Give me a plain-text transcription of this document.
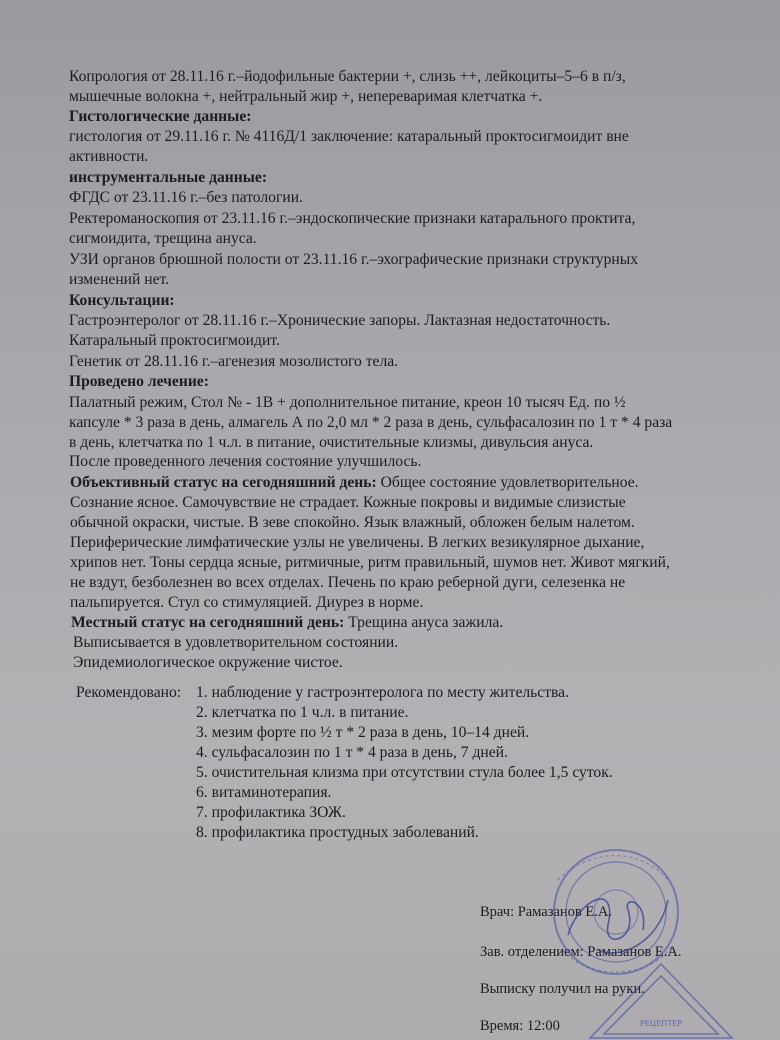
Копрология от 28.11.16 г.–йодофильные бактерии +, слизь ++, лейкоциты–5–6 в п/з,
мышечные волокна +, нейтральный жир +, непереваримая клетчатка +.
Гистологические данные:
гистология от 29.11.16 г. № 4116Д/1 заключение: катаральный проктосигмоидит вне
активности.
инструментальные данные:
ФГДС от 23.11.16 г.–без патологии.
Ректероманоскопия от 23.11.16 г.–эндоскопические признаки катарального проктита,
сигмоидита, трещина ануса.
УЗИ органов брюшной полости от 23.11.16 г.–эхографические признаки структурных
изменений нет.
Консультации:
Гастроэнтеролог от 28.11.16 г.–Хронические запоры. Лактазная недостаточность.
Катаральный проктосигмоидит.
Генетик от 28.11.16 г.–агенезия мозолистого тела.
Проведено лечение:
Палатный режим, Стол № - 1В + дополнительное питание, креон 10 тысяч Ед. по ½
капсуле * 3 раза в день, алмагель А по 2,0 мл * 2 раза в день, сульфасалозин по 1 т * 4 раза
в день, клетчатка по 1 ч.л. в питание, очистительные клизмы, дивульсия ануса.
После проведенного лечения состояние улучшилось.
Объективный статус на сегодняшний день: Общее состояние удовлетворительное.
Сознание ясное. Самочувствие не страдает. Кожные покровы и видимые слизистые
обычной окраски, чистые. В зеве спокойно. Язык влажный, обложен белым налетом.
Периферические лимфатические узлы не увеличены. В легких везикулярное дыхание,
хрипов нет. Тоны сердца ясные, ритмичные, ритм правильный, шумов нет. Живот мягкий,
не вздут, безболезнен во всех отделах. Печень по краю реберной дуги, селезенка не
пальпируется. Стул со стимуляцией. Диурез в норме.
Местный статус на сегодняшний день: Трещина ануса зажила.
Выписывается в удовлетворительном состоянии.
Эпидемиологическое окружение чистое.
Рекомендовано: 1. наблюдение у гастроэнтеролога по месту жительства.
2. клетчатка по 1 ч.л. в питание.
3. мезим форте по ½ т * 2 раза в день, 10–14 дней.
4. сульфасалозин по 1 т * 4 раза в день, 7 дней.
5. очистительная клизма при отсутствии стула более 1,5 суток.
6. витаминотерапия.
7. профилактика ЗОЖ.
8. профилактика простудных заболеваний.
Врач: Рамазанов Е.А.
Зав. отделением: Рамазанов Е.А.
Выписку получил на руки.
Время: 12:00	РЕЦЕПТЕР
